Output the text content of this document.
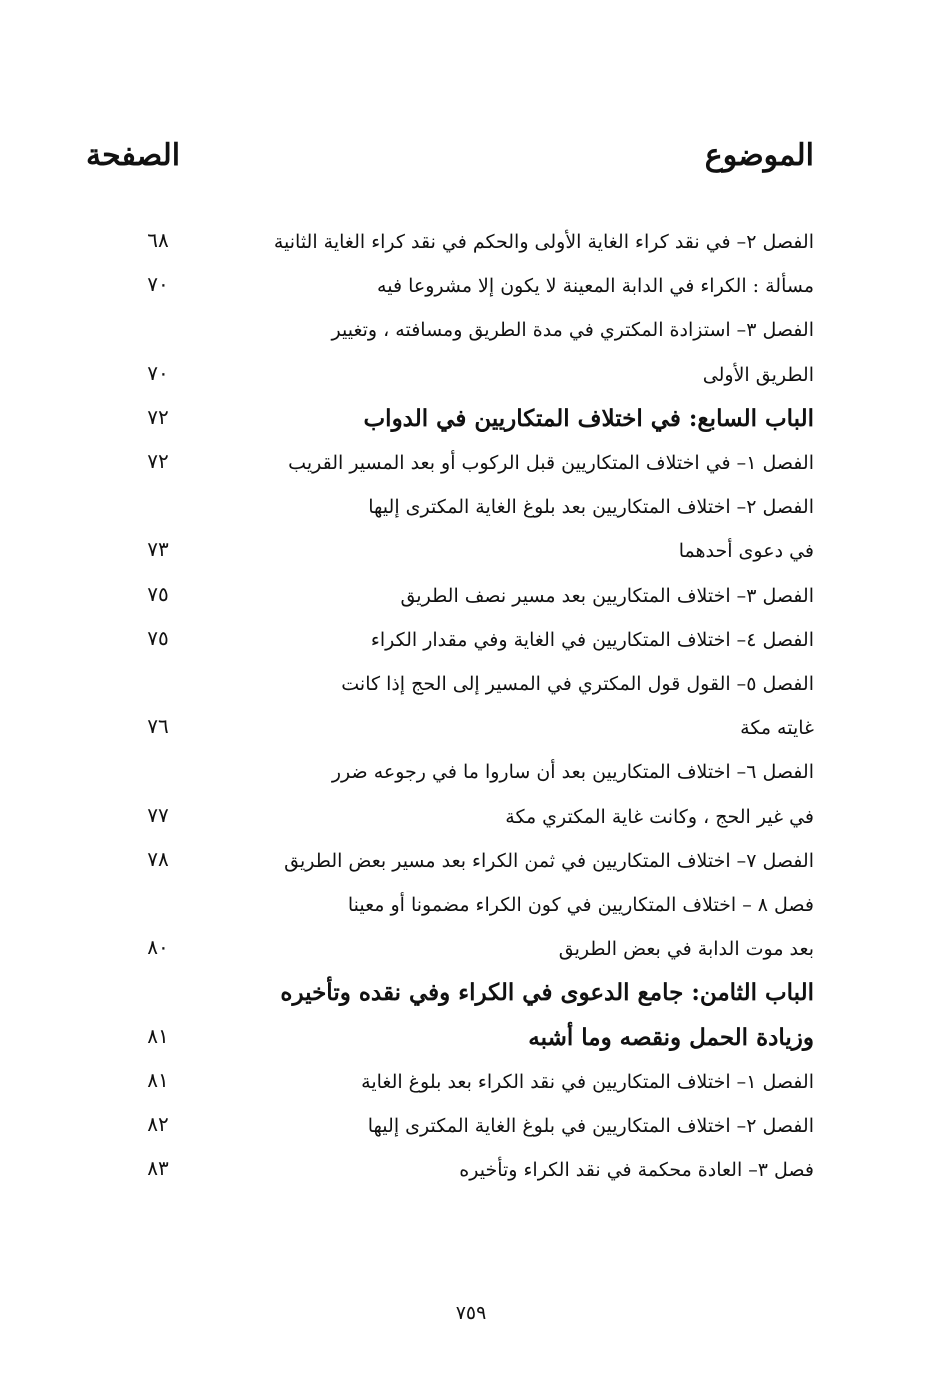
الموضوع
الصفحة
الفصل ٢– في نقد كراء الغاية الأولى والحكم في نقد كراء الغاية الثانية
٦٨
مسألة : الكراء في الدابة المعينة لا يكون إلا مشروعا فيه
٧٠
الفصل ٣– استزادة المكتري في مدة الطريق ومسافته ، وتغيير
الطريق الأولى
٧٠
الباب السابع: في اختلاف المتكاريين في الدواب
٧٢
الفصل ١– في اختلاف المتكاريين قبل الركوب أو بعد المسير القريب
٧٢
الفصل ٢– اختلاف المتكاريين بعد بلوغ الغاية المكترى إليها
في دعوى أحدهما
٧٣
الفصل ٣– اختلاف المتكاريين بعد مسير نصف الطريق
٧٥
الفصل ٤– اختلاف المتكاريين في الغاية وفي مقدار الكراء
٧٥
الفصل ٥– القول قول المكتري في المسير إلى الحج إذا كانت
غايته مكة
٧٦
الفصل ٦– اختلاف المتكاريين بعد أن ساروا ما في رجوعه ضرر
في غير الحج ، وكانت غاية المكتري مكة
٧٧
الفصل ٧– اختلاف المتكاريين في ثمن الكراء بعد مسير بعض الطريق
٧٨
فصل ٨ – اختلاف المتكاريين في كون الكراء مضمونا أو معينا
بعد موت الدابة في بعض الطريق
٨٠
الباب الثامن: جامع الدعوى في الكراء وفي نقده وتأخيره
وزيادة الحمل ونقصه وما أشبه
٨١
الفصل ١– اختلاف المتكاريين في نقد الكراء بعد بلوغ الغاية
٨١
الفصل ٢– اختلاف المتكاريين في بلوغ الغاية المكترى إليها
٨٢
فصل ٣– العادة محكمة في نقد الكراء وتأخيره
٨٣
٧٥٩
